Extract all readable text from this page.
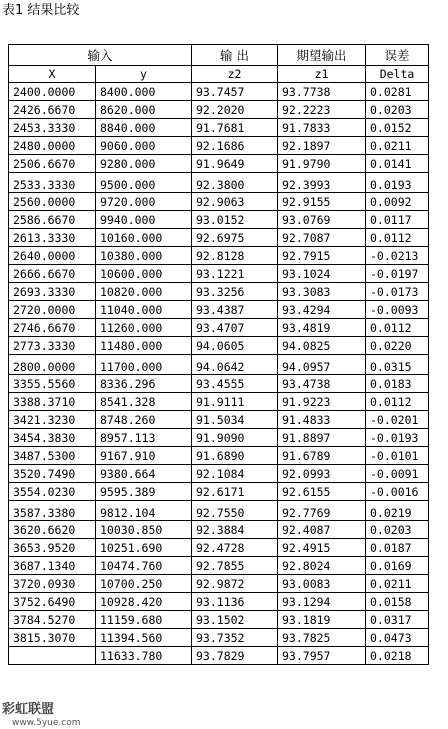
表1 结果比较
输入		输 出	期望输出	误差
X	y	z2	z1	Delta
2400.0000	8400.000	93.7457	93.7738	0.0281
2426.6670	8620.000	92.2020	92.2223	0.0203
2453.3330	8840.000	91.7681	91.7833	0.0152
2480.0000	9060.000	92.1686	92.1897	0.0211
2506.6670	9280.000	91.9649	91.9790	0.0141
2533.3330	9500.000	92.3800	92.3993	0.0193
2560.0000	9720.000	92.9063	92.9155	0.0092
2586.6670	9940.000	93.0152	93.0769	0.0117
2613.3330	10160.000	92.6975	92.7087	0.0112
2640.0000	10380.000	92.8128	92.7915	-0.0213
2666.6670	10600.000	93.1221	93.1024	-0.0197
2693.3330	10820.000	93.3256	93.3083	-0.0173
2720.0000	11040.000	93.4387	93.4294	-0.0093
2746.6670	11260.000	93.4707	93.4819	0.0112
2773.3330	11480.000	94.0605	94.0825	0.0220
2800.0000	11700.000	94.0642	94.0957	0.0315
3355.5560	8336.296	93.4555	93.4738	0.0183
3388.3710	8541.328	91.9111	91.9223	0.0112
3421.3230	8748.260	91.5034	91.4833	-0.0201
3454.3830	8957.113	91.9090	91.8897	-0.0193
3487.5300	9167.910	91.6890	91.6789	-0.0101
3520.7490	9380.664	92.1084	92.0993	-0.0091
3554.0230	9595.389	92.6171	92.6155	-0.0016
3587.3380	9812.104	92.7550	92.7769	0.0219
3620.6620	10030.850	92.3884	92.4087	0.0203
3653.9520	10251.690	92.4728	92.4915	0.0187
3687.1340	10474.760	92.7855	92.8024	0.0169
3720.0930	10700.250	92.9872	93.0083	0.0211
3752.6490	10928.420	93.1136	93.1294	0.0158
3784.5270	11159.680	93.1502	93.1819	0.0317
3815.3070	11394.560	93.7352	93.7825	0.0473
	11633.780	93.7829	93.7957	0.0218
彩虹联盟
www.5yue.com
